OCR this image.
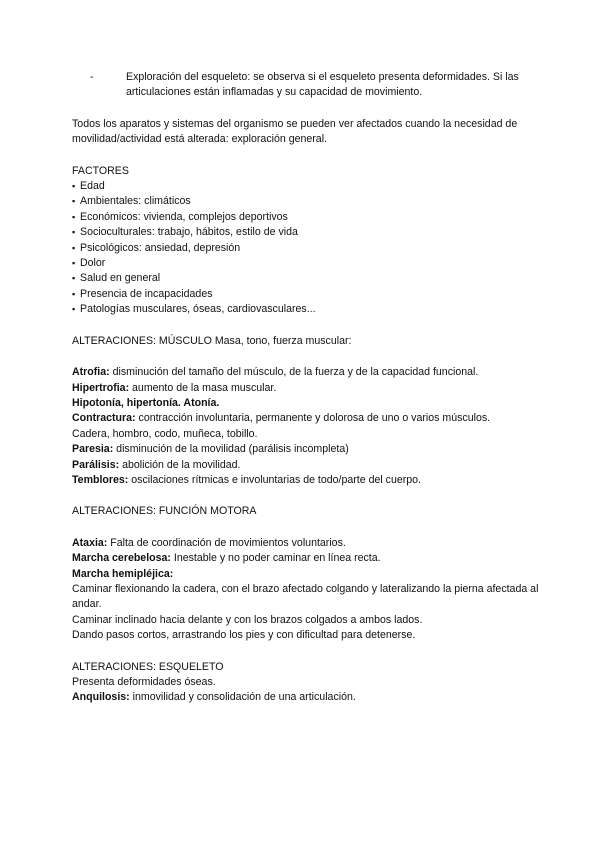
-	Exploración del esqueleto: se observa si el esqueleto presenta deformidades. Si las articulaciones están inflamadas y su capacidad de movimiento.
Todos los aparatos y sistemas del organismo se pueden ver afectados cuando la necesidad de movilidad/actividad está alterada: exploración general.
FACTORES
▪ Edad
▪ Ambientales: climáticos
▪ Económicos: vivienda, complejos deportivos
▪ Socioculturales: trabajo, hábitos, estilo de vida
▪ Psicológicos: ansiedad, depresión
▪ Dolor
▪ Salud en general
▪ Presencia de incapacidades
▪ Patologías musculares, óseas, cardiovasculares...
ALTERACIONES: MÚSCULO Masa, tono, fuerza muscular:
Atrofia: disminución del tamaño del músculo, de la fuerza y de la capacidad funcional.
Hipertrofia: aumento de la masa muscular.
Hipotonía, hipertonía. Atonía.
Contractura: contracción involuntaria, permanente y dolorosa de uno o varios músculos.
Cadera, hombro, codo, muñeca, tobillo.
Paresia: disminución de la movilidad (parálisis incompleta)
Parálisis: abolición de la movilidad.
Temblores: oscilaciones rítmicas e involuntarias de todo/parte del cuerpo.
ALTERACIONES: FUNCIÓN MOTORA
Ataxia: Falta de coordinación de movimientos voluntarios.
Marcha cerebelosa: Inestable y no poder caminar en línea recta.
Marcha hemipléjica:
Caminar flexionando la cadera, con el brazo afectado colgando y lateralizando la pierna afectada al andar.
Caminar inclinado hacia delante y con los brazos colgados a ambos lados.
Dando pasos cortos, arrastrando los pies y con dificultad para detenerse.
ALTERACIONES: ESQUELETO
Presenta deformidades óseas.
Anquilosis: inmovilidad y consolidación de una articulación.
